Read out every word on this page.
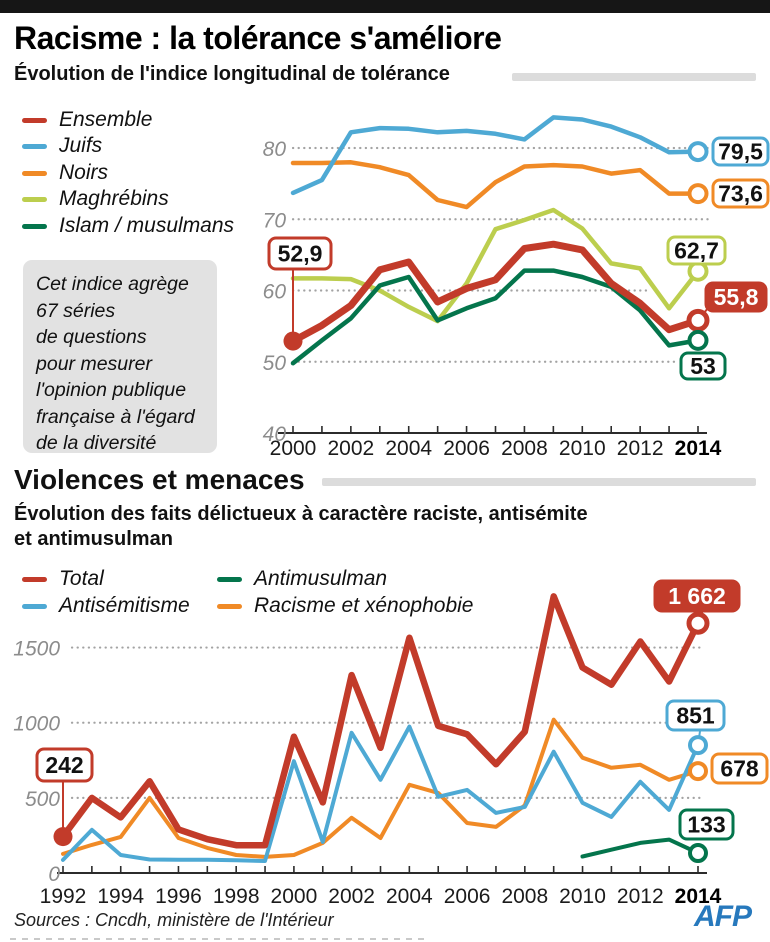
Racisme : la tolérance s'améliore
Évolution de l'indice longitudinal de tolérance
Ensemble
Juifs
Noirs
Maghrébins
Islam / musulmans
Cet indice agrège
67 séries
de questions
pour mesurer
l'opinion publique
française à l'égard
de la diversité
Violences et menaces
Évolution des faits délictueux à caractère raciste, antisémite
et antimusulman
Total	Antimusulman
Antisémitisme	Racisme et xénophobie
40
50
60
70
80
2000 2002 2004 2006 2008 2010 2012 2014
55,8
52,9
79,5
73,6
62,7
53
0
500
1000
1500
1992 1994 1996 1998 2000 2002 2004 2006 2008 2010 2012 2014
1 662
242
851
133
678
Sources : Cncdh, ministère de l'Intérieur	AFP
